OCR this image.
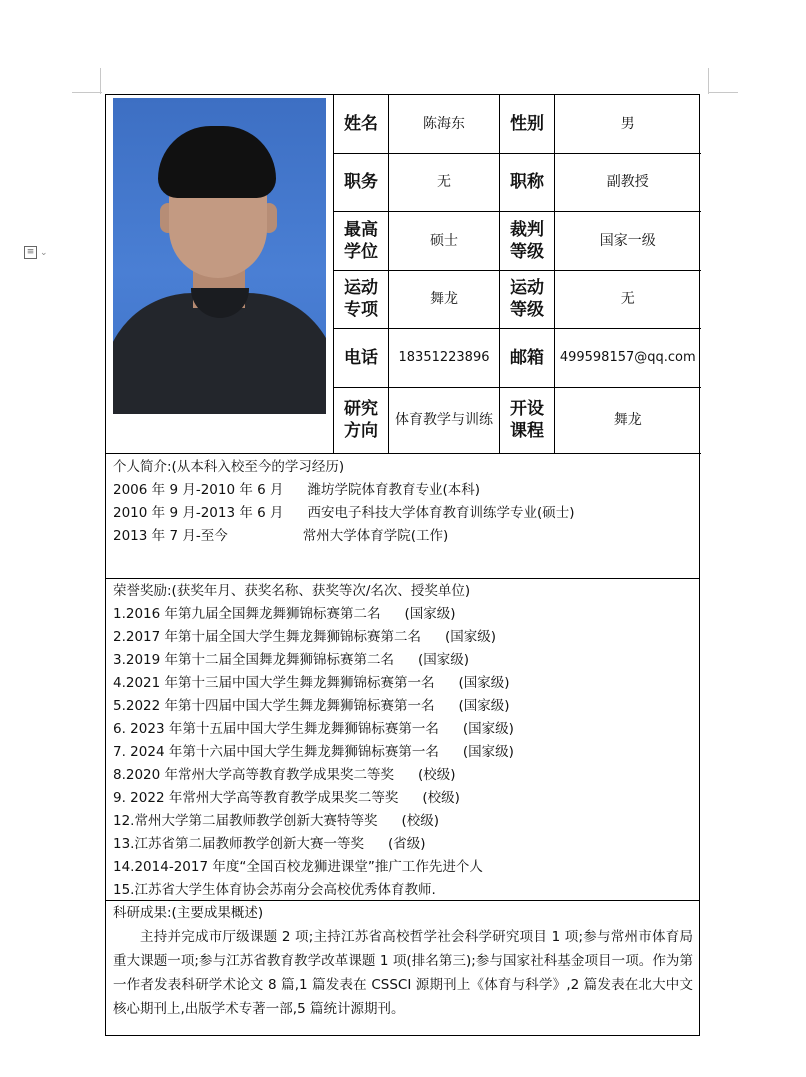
≡ ⌄
姓名	陈海东	性别	男
职务	无	职称	副教授
最高学位	硕士	裁判等级	国家一级
运动专项	舞龙	运动等级	无
电话	18351223896	邮箱	499598157@qq.com
研究方向	体育教学与训练	开设课程	舞龙
个人简介:(从本科入校至今的学习经历)
2006 年 9 月-2010 年 6 月 潍坊学院体育教育专业(本科)
2010 年 9 月-2013 年 6 月 西安电子科技大学体育教育训练学专业(硕士)
2013 年 7 月-至今	常州大学体育学院(工作)
荣誉奖励:(获奖年月、获奖名称、获奖等次/名次、授奖单位)
1.2016 年第九届全国舞龙舞狮锦标赛第二名 (国家级)
2.2017 年第十届全国大学生舞龙舞狮锦标赛第二名 (国家级)
3.2019 年第十二届全国舞龙舞狮锦标赛第二名 (国家级)
4.2021 年第十三届中国大学生舞龙舞狮锦标赛第一名 (国家级)
5.2022 年第十四届中国大学生舞龙舞狮锦标赛第一名 (国家级)
6. 2023 年第十五届中国大学生舞龙舞狮锦标赛第一名 (国家级)
7. 2024 年第十六届中国大学生舞龙舞狮锦标赛第一名 (国家级)
8.2020 年常州大学高等教育教学成果奖二等奖 (校级)
9. 2022 年常州大学高等教育教学成果奖二等奖 (校级)
12.常州大学第二届教师教学创新大赛特等奖 (校级)
13.江苏省第二届教师教学创新大赛一等奖 (省级)
14.2014-2017 年度“全国百校龙狮进课堂”推广工作先进个人
15.江苏省大学生体育协会苏南分会高校优秀体育教师.
科研成果:(主要成果概述)
主持并完成市厅级课题 2 项;主持江苏省高校哲学社会科学研究项目 1 项;参与常州市体育局重大课题一项;参与江苏省教育教学改革课题 1 项(排名第三);参与国家社科基金项目一项。作为第一作者发表科研学术论文 8 篇,1 篇发表在 CSSCI 源期刊上《体育与科学》,2 篇发表在北大中文核心期刊上,出版学术专著一部,5 篇统计源期刊。
